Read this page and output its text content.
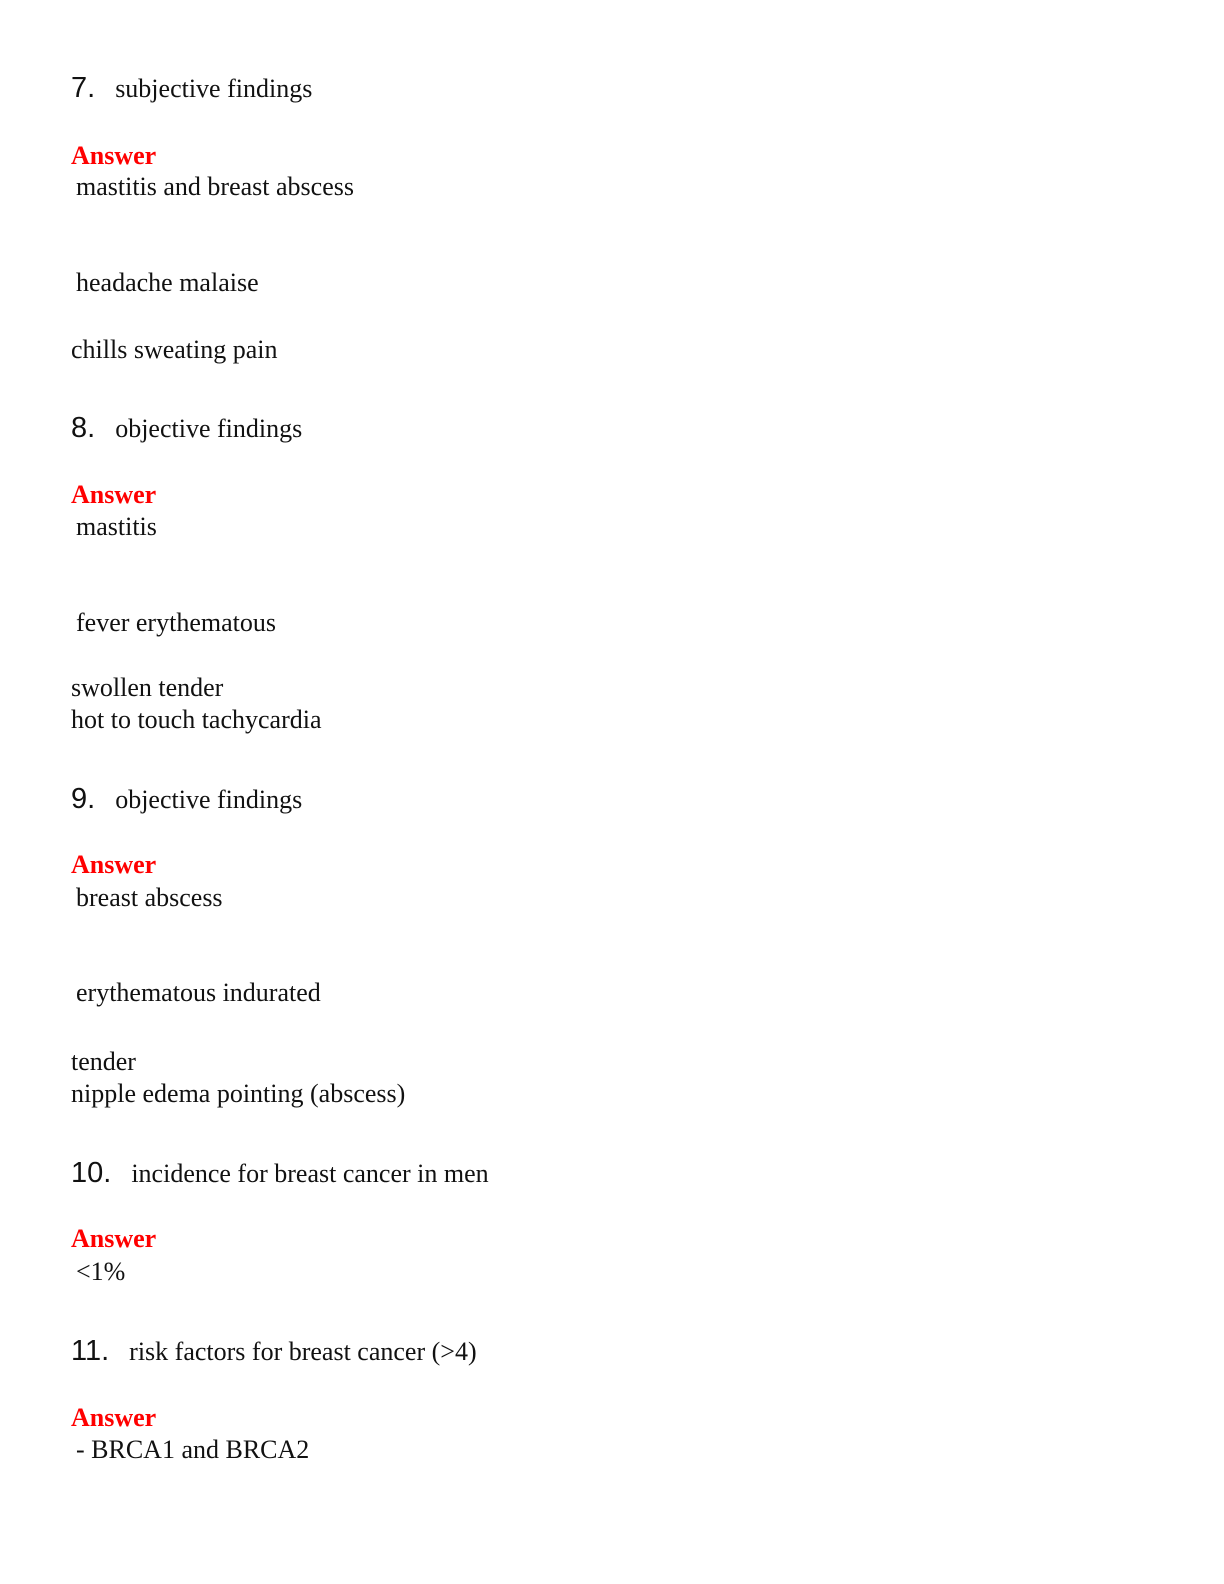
7. subjective findings
Answer
mastitis and breast abscess
headache malaise
chills sweating pain
8. objective findings
Answer
mastitis
fever erythematous
swollen tender
hot to touch tachycardia
9. objective findings
Answer
breast abscess
erythematous indurated
tender
nipple edema pointing (abscess)
10. incidence for breast cancer in men
Answer
<1%
11. risk factors for breast cancer (>4)
Answer
- BRCA1 and BRCA2
